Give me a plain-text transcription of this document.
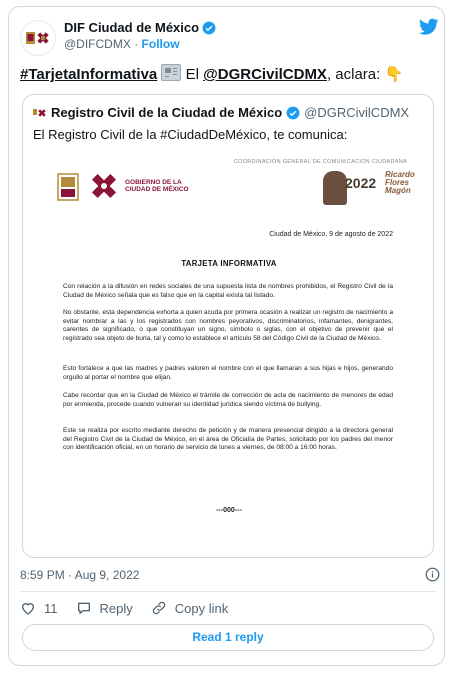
DIF Ciudad de México
@DIFCDMX · Follow
#TarjetaInformativa  El @DGRCivilCDMX, aclara: 👇
Registro Civil de la Ciudad de México @DGRCivilCDMX
El Registro Civil de la #CiudadDeMéxico, te comunica:
COORDINACIÓN GENERAL DE COMUNICACIÓN CIUDADANA
GOBIERNO DE LA
CIUDAD DE MÉXICO	2022
Ricardo
Flores
Magón
Ciudad de México, 9 de agosto de 2022
TARJETA INFORMATIVA
Con relación a la difusión en redes sociales de una supuesta lista de nombres prohibidos, el Registro Civil de la Ciudad de México señala que es falso que en la capital exista tal listado.
No obstante, esta dependencia exhorta a quien acuda por primera ocasión a realizar un registro de nacimiento a evitar nombrar a las y los registrados con nombres peyorativos, discriminatorios, infamantes, denigrantes, carentes de significado, o que constituyan un signo, símbolo o siglas, con el objetivo de prevenir que el registrado sea objeto de burla, tal y como lo establece el artículo 58 del Código Civil de la Ciudad de México.
Esto fortalece a que las madres y padres valoren el nombre con el que llamaran a sus hijas e hijos, generando orgullo al portar el nombre que elijan.
Cabe recordar que en la Ciudad de México el trámite de corrección de acta de nacimiento de menores de edad por enmienda, procede cuando vulneran su identidad jurídica siendo víctima de bullying.
Este se realiza por escrito mediante derecho de petición y de manera presencial dirigido a la directora general del Registro Civil de la Ciudad de México, en el área de Oficialía de Partes, solicitado por los padres del menor con identificación oficial, en un horario de servicio de lunes a viernes, de 08:00 a 16:00 horas.
---000---
8:59 PM · Aug 9, 2022
11	Reply	Copy link
Read 1 reply
